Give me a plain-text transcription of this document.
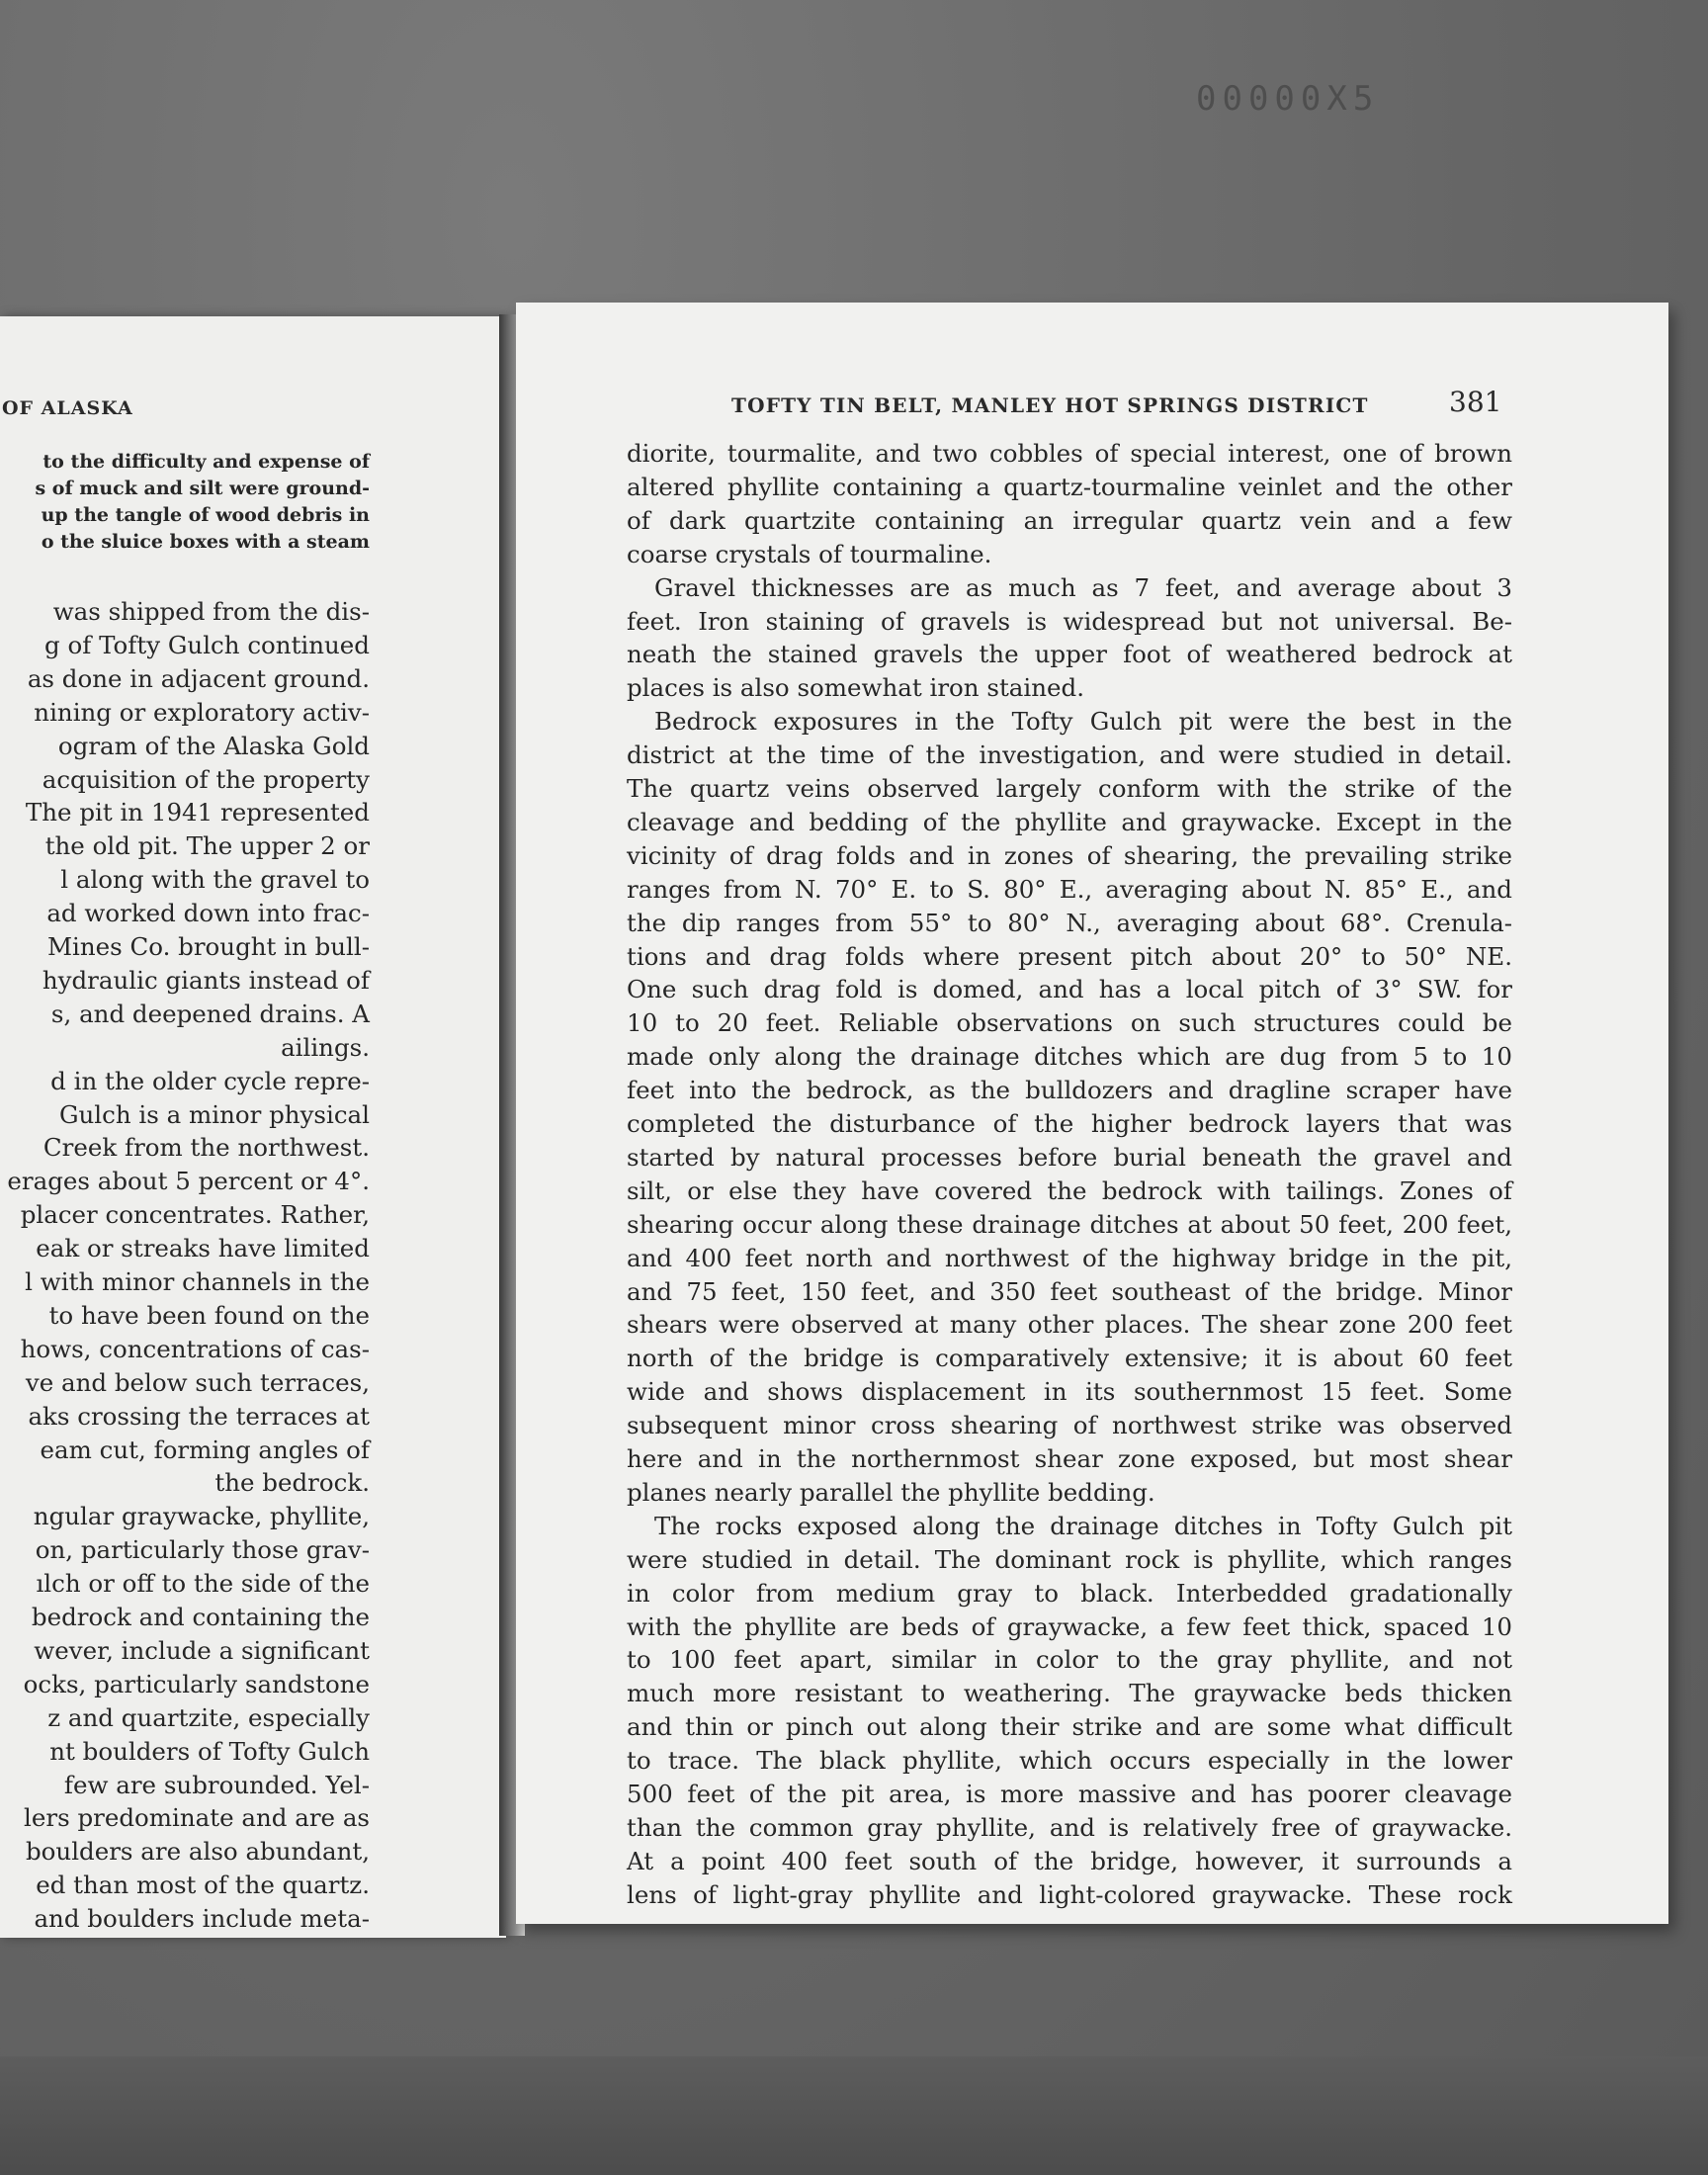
00000X5
OF ALASKA
to the difficulty and expense of
s of muck and silt were ground-
up the tangle of wood debris in
o the sluice boxes with a steam
was shipped from the dis-
g of Tofty Gulch continued
as done in adjacent ground.
nining or exploratory activ-
ogram of the Alaska Gold
acquisition of the property
The pit in 1941 represented
the old pit. The upper 2 or
l along with the gravel to
ad worked down into frac-
Mines Co. brought in bull-
hydraulic giants instead of
s, and deepened drains. A
ailings.
d in the older cycle repre-
Gulch is a minor physical
Creek from the northwest.
erages about 5 percent or 4°.
placer concentrates. Rather,
eak or streaks have limited
l with minor channels in the
to have been found on the
hows, concentrations of cas-
ve and below such terraces,
aks crossing the terraces at
eam cut, forming angles of
the bedrock.
ngular graywacke, phyllite,
on, particularly those grav-
ılch or off to the side of the
bedrock and containing the
wever, include a significant
ocks, particularly sandstone
z and quartzite, especially
nt boulders of Tofty Gulch
few are subrounded. Yel-
lers predominate and are as
boulders are also abundant,
ed than most of the quartz.
and boulders include meta-
TOFTY TIN BELT, MANLEY HOT SPRINGS DISTRICT	381
diorite, tourmalite, and two cobbles of special interest, one of brown
altered phyllite containing a quartz-tourmaline veinlet and the other
of dark quartzite containing an irregular quartz vein and a few
coarse crystals of tourmaline.
Gravel thicknesses are as much as 7 feet, and average about 3
feet. Iron staining of gravels is widespread but not universal. Be-
neath the stained gravels the upper foot of weathered bedrock at
places is also somewhat iron stained.
Bedrock exposures in the Tofty Gulch pit were the best in the
district at the time of the investigation, and were studied in detail.
The quartz veins observed largely conform with the strike of the
cleavage and bedding of the phyllite and graywacke. Except in the
vicinity of drag folds and in zones of shearing, the prevailing strike
ranges from N. 70° E. to S. 80° E., averaging about N. 85° E., and
the dip ranges from 55° to 80° N., averaging about 68°. Crenula-
tions and drag folds where present pitch about 20° to 50° NE.
One such drag fold is domed, and has a local pitch of 3° SW. for
10 to 20 feet. Reliable observations on such structures could be
made only along the drainage ditches which are dug from 5 to 10
feet into the bedrock, as the bulldozers and dragline scraper have
completed the disturbance of the higher bedrock layers that was
started by natural processes before burial beneath the gravel and
silt, or else they have covered the bedrock with tailings. Zones of
shearing occur along these drainage ditches at about 50 feet, 200 feet,
and 400 feet north and northwest of the highway bridge in the pit,
and 75 feet, 150 feet, and 350 feet southeast of the bridge. Minor
shears were observed at many other places. The shear zone 200 feet
north of the bridge is comparatively extensive; it is about 60 feet
wide and shows displacement in its southernmost 15 feet. Some
subsequent minor cross shearing of northwest strike was observed
here and in the northernmost shear zone exposed, but most shear
planes nearly parallel the phyllite bedding.
The rocks exposed along the drainage ditches in Tofty Gulch pit
were studied in detail. The dominant rock is phyllite, which ranges
in color from medium gray to black. Interbedded gradationally
with the phyllite are beds of graywacke, a few feet thick, spaced 10
to 100 feet apart, similar in color to the gray phyllite, and not
much more resistant to weathering. The graywacke beds thicken
and thin or pinch out along their strike and are some what difficult
to trace. The black phyllite, which occurs especially in the lower
500 feet of the pit area, is more massive and has poorer cleavage
than the common gray phyllite, and is relatively free of graywacke.
At a point 400 feet south of the bridge, however, it surrounds a
lens of light-gray phyllite and light-colored graywacke. These rock
